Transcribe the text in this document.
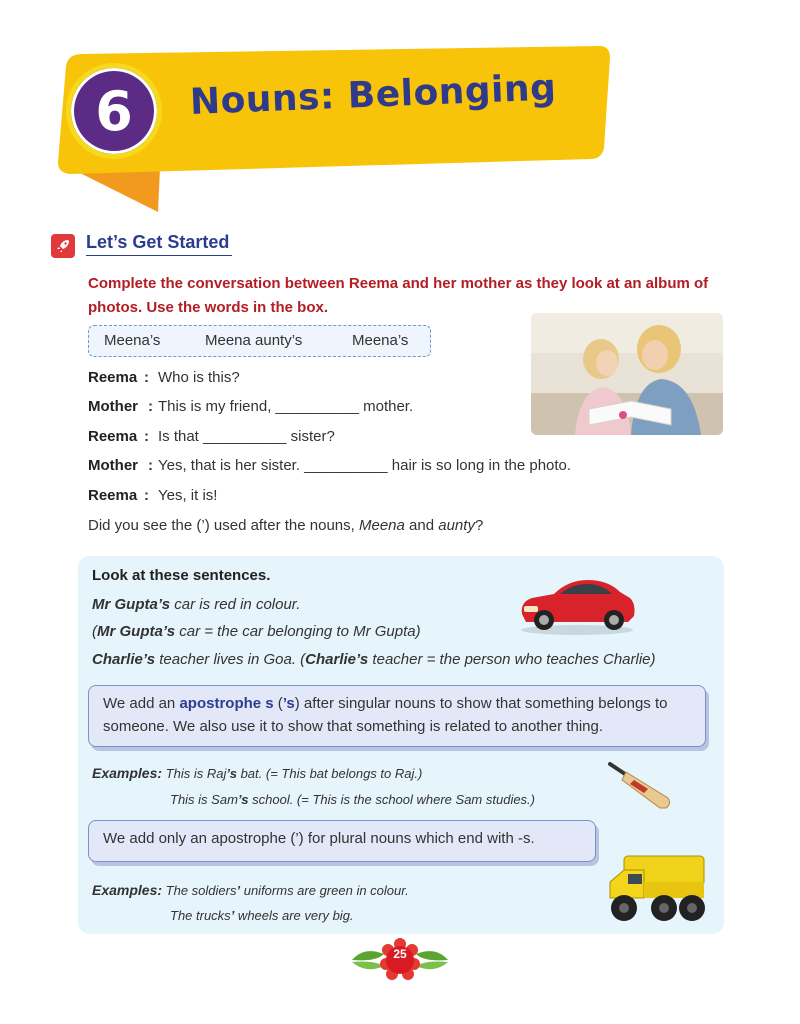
6 Nouns: Belonging
Let’s Get Started
Complete the conversation between Reema and her mother as they look at an album of photos. Use the words in the box.
Meena’s	Meena aunty’s	Meena’s
Reema : Who is this?
Mother : This is my friend, __________ mother.
Reema : Is that __________ sister?
Mother : Yes, that is her sister. __________ hair is so long in the photo.
Reema : Yes, it is!
Did you see the (’) used after the nouns, Meena and aunty?
Look at these sentences.
Mr Gupta’s car is red in colour.
(Mr Gupta’s car = the car belonging to Mr Gupta)
Charlie’s teacher lives in Goa. (Charlie’s teacher = the person who teaches Charlie)
We add an apostrophe s (’s) after singular nouns to show that something belongs to someone. We also use it to show that something is related to another thing.
Examples: This is Raj’s bat. (= This bat belongs to Raj.)
This is Sam’s school. (= This is the school where Sam studies.)
We add only an apostrophe (’) for plural nouns which end with -s.
Examples: The soldiers’ uniforms are green in colour.
The trucks’ wheels are very big.
25
